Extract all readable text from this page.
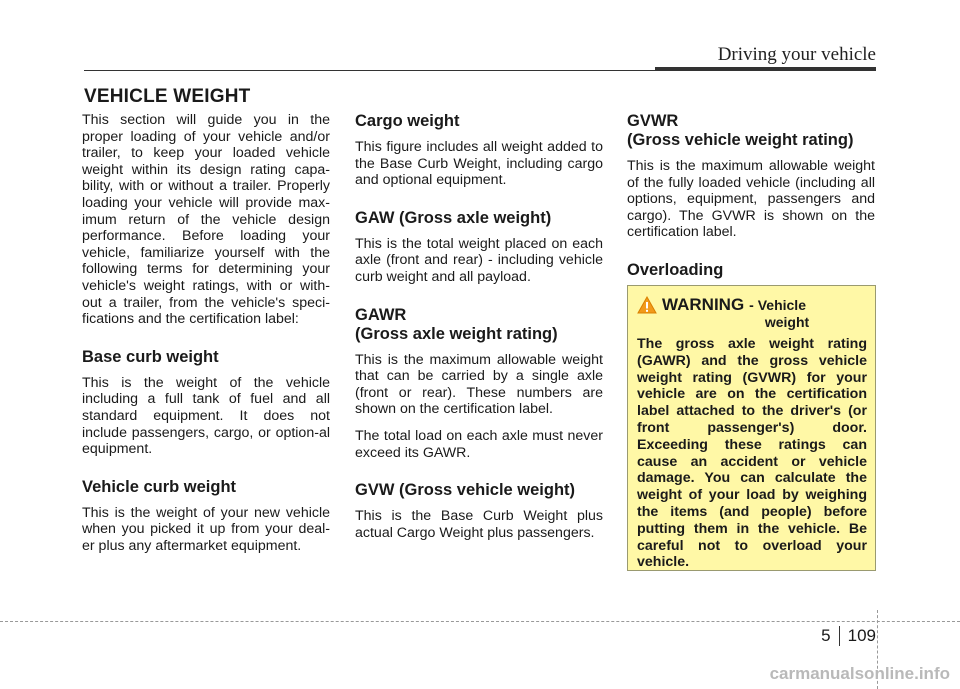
Driving your vehicle
VEHICLE WEIGHT

This section will guide you in the proper loading of your vehicle and/or trailer, to keep your loaded vehicle weight within its design rating capa-bility, with or without a trailer. Properly loading your vehicle will provide max-imum return of the vehicle design performance. Before loading your vehicle, familiarize yourself with the following terms for determining your vehicle's weight ratings, with or with-out a trailer, from the vehicle's speci-fications and the certification label:

Base curb weight

This is the weight of the vehicle including a full tank of fuel and all standard equipment. It does not include passengers, cargo, or option-al equipment.

Vehicle curb weight

This is the weight of your new vehicle when you picked it up from your deal-er plus any aftermarket equipment.

Cargo weight

This figure includes all weight added to the Base Curb Weight, including cargo and optional equipment.

GAW (Gross axle weight)

This is the total weight placed on each axle (front and rear) - including vehicle curb weight and all payload.

GAWR
(Gross axle weight rating)

This is the maximum allowable weight that can be carried by a single axle (front or rear). These numbers are shown on the certification label.

The total load on each axle must never exceed its GAWR.

GVW (Gross vehicle weight)

This is the Base Curb Weight plus actual Cargo Weight plus passengers.

GVWR
(Gross vehicle weight rating)

This is the maximum allowable weight of the fully loaded vehicle (including all options, equipment, passengers and cargo). The GVWR is shown on the certification label.

Overloading
WARNING - Vehicle
weight

The gross axle weight rating (GAWR) and the gross vehicle weight rating (GVWR) for your vehicle are on the certification label attached to the driver's (or front passenger's) door. Exceeding these ratings can cause an accident or vehicle damage. You can calculate the weight of your load by weighing the items (and people) before putting them in the vehicle. Be careful not to overload your vehicle.

5	109
carmanualsonline.info
